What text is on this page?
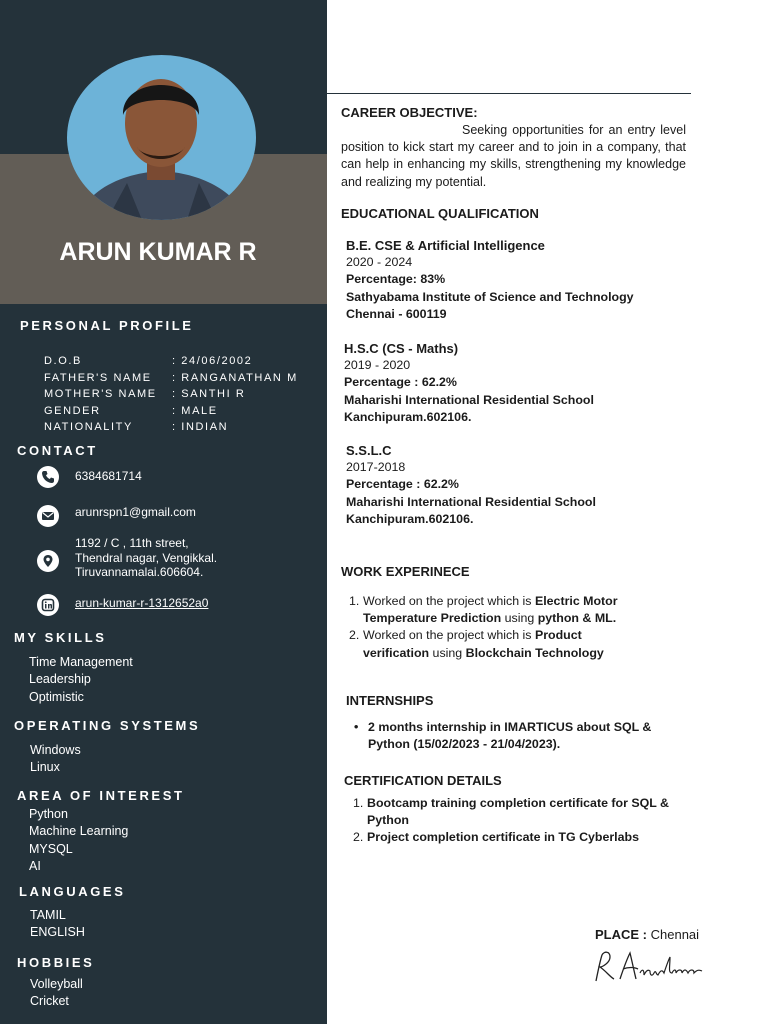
ARUN KUMAR R
PERSONAL PROFILE
D.O.B	: 24/06/2002
FATHER'S NAME : RANGANATHAN M
MOTHER'S NAME : SANTHI R
GENDER	: MALE
NATIONALITY	: INDIAN
CONTACT
6384681714
arunrspn1@gmail.com
1192 / C , 11th street,
Thendral nagar, Vengikkal.
Tiruvannamalai.606604.
arun-kumar-r-1312652a0
MY SKILLS
Time Management
Leadership
Optimistic
OPERATING SYSTEMS
Windows
Linux
AREA OF INTEREST
Python
Machine Learning
MYSQL
AI
LANGUAGES
TAMIL
ENGLISH
HOBBIES
Volleyball
Cricket
CAREER OBJECTIVE:
Seeking opportunities for an entry level position to kick start my career and to join in a company, that can help in enhancing my skills, strengthening my knowledge and realizing my potential.
EDUCATIONAL QUALIFICATION
B.E. CSE & Artificial Intelligence
2020 - 2024
Percentage: 83%
Sathyabama Institute of Science and Technology
Chennai - 600119
H.S.C (CS - Maths)
2019 - 2020
Percentage : 62.2%
Maharishi International Residential School
Kanchipuram.602106.
S.S.L.C
2017-2018
Percentage : 62.2%
Maharishi International Residential School
Kanchipuram.602106.
WORK EXPERINECE
1. Worked on the project which is Electric Motor Temperature Prediction using python & ML.
2. Worked on the project which is Product verification using Blockchain Technology
INTERNSHIPS
• 2 months internship in IMARTICUS about SQL & Python (15/02/2023 - 21/04/2023).
CERTIFICATION DETAILS
1. Bootcamp training completion certificate for SQL & Python
2. Project completion certificate in TG Cyberlabs
PLACE : Chennai
